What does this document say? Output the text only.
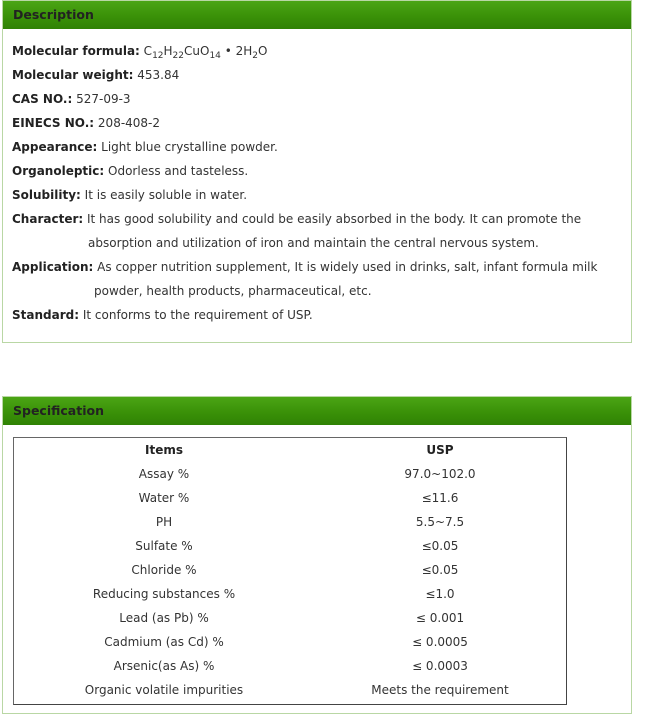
Description

Molecular formula: $C_{12}H_{22}CuO_{14}$ • $2H_2O$

Molecular weight: 453.84

CAS NO.: 527-09-3

EINECS NO.: 208-408-2

Appearance: Light blue crystalline powder.

Organoleptic: Odorless and tasteless.

Solubility: It is easily soluble in water.

Character: It has good solubility and could be easily absorbed in the body. It can promote the

absorption and utilization of iron and maintain the central nervous system.

Application: As copper nutrition supplement, It is widely used in drinks, salt, infant formula milk

powder, health products, pharmaceutical, etc.

Standard: It conforms to the requirement of USP.

Specification
Items	USP
Assay %	97.0~102.0
Water %	≤11.6
PH	5.5~7.5
Sulfate %	≤0.05
Chloride %	≤0.05
Reducing substances %	≤1.0
Lead (as Pb) %	≤ 0.001
Cadmium (as Cd) %	≤ 0.0005
Arsenic(as As) %	≤ 0.0003
Organic volatile impurities	Meets the requirement
